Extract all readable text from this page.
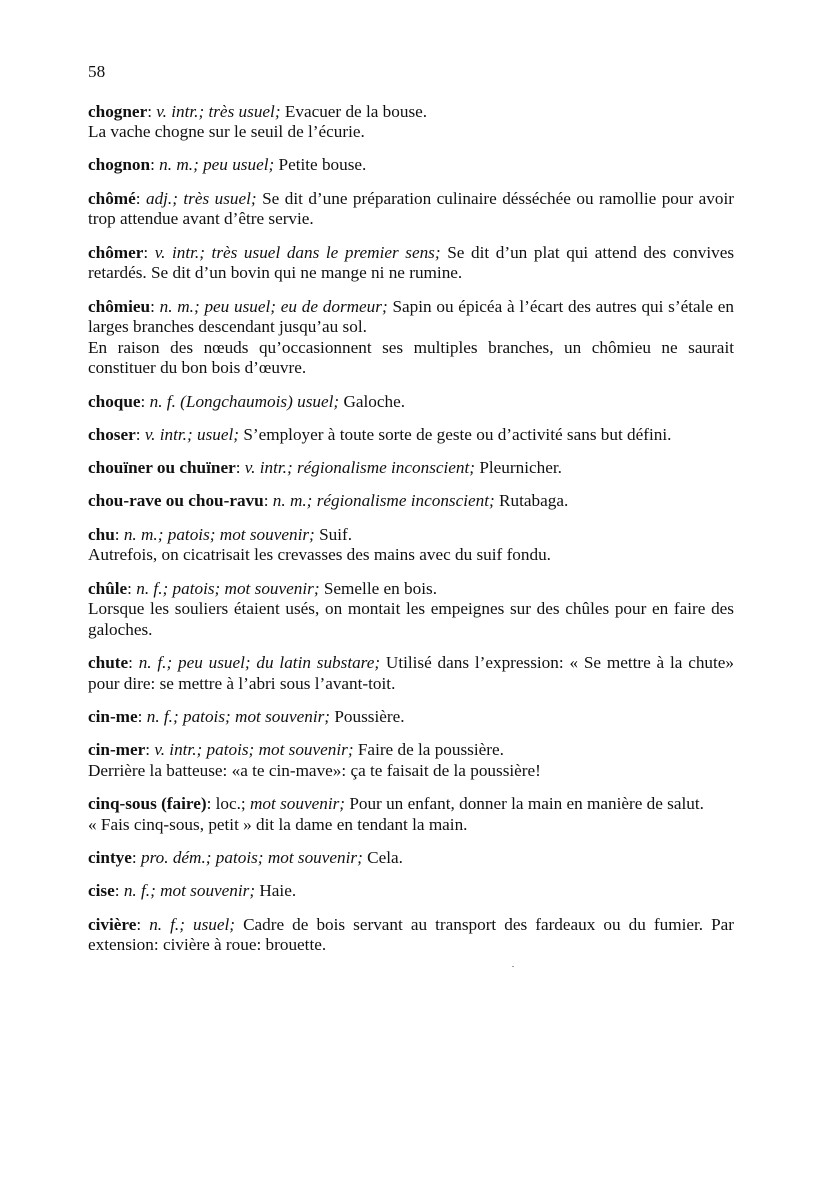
58

chogner: v. intr.; très usuel; Evacuer de la bouse.

La vache chogne sur le seuil de l’écurie.

chognon: n. m.; peu usuel; Petite bouse.

chômé: adj.; très usuel; Se dit d’une préparation culinaire désséchée ou ramollie pour avoir trop attendue avant d’être servie.

chômer: v. intr.; très usuel dans le premier sens; Se dit d’un plat qui attend des convives retardés. Se dit d’un bovin qui ne mange ni ne rumine.

chômieu: n. m.; peu usuel; eu de dormeur; Sapin ou épicéa à l’écart des autres qui s’étale en larges branches descendant jusqu’au sol.

En raison des nœuds qu’occasionnent ses multiples branches, un chômieu ne saurait constituer du bon bois d’œuvre.

choque: n. f. (Longchaumois) usuel; Galoche.

choser: v. intr.; usuel; S’employer à toute sorte de geste ou d’activité sans but défini.

chouïner ou chuïner: v. intr.; régionalisme inconscient; Pleurnicher.

chou-rave ou chou-ravu: n. m.; régionalisme inconscient; Rutabaga.

chu: n. m.; patois; mot souvenir; Suif.

Autrefois, on cicatrisait les crevasses des mains avec du suif fondu.

chûle: n. f.; patois; mot souvenir; Semelle en bois.

Lorsque les souliers étaient usés, on montait les empeignes sur des chûles pour en faire des galoches.

chute: n. f.; peu usuel; du latin substare; Utilisé dans l’expression: « Se mettre à la chute» pour dire: se mettre à l’abri sous l’avant-toit.

cin-me: n. f.; patois; mot souvenir; Poussière.

cin-mer: v. intr.; patois; mot souvenir; Faire de la poussière.

Derrière la batteuse: «a te cin-mave»: ça te faisait de la poussière!

cinq-sous (faire): loc.; mot souvenir; Pour un enfant, donner la main en manière de salut.

« Fais cinq-sous, petit » dit la dame en tendant la main.

cintye: pro. dém.; patois; mot souvenir; Cela.

cise: n. f.; mot souvenir; Haie.

civière: n. f.; usuel; Cadre de bois servant au transport des fardeaux ou du fumier. Par extension: civière à roue: brouette.
